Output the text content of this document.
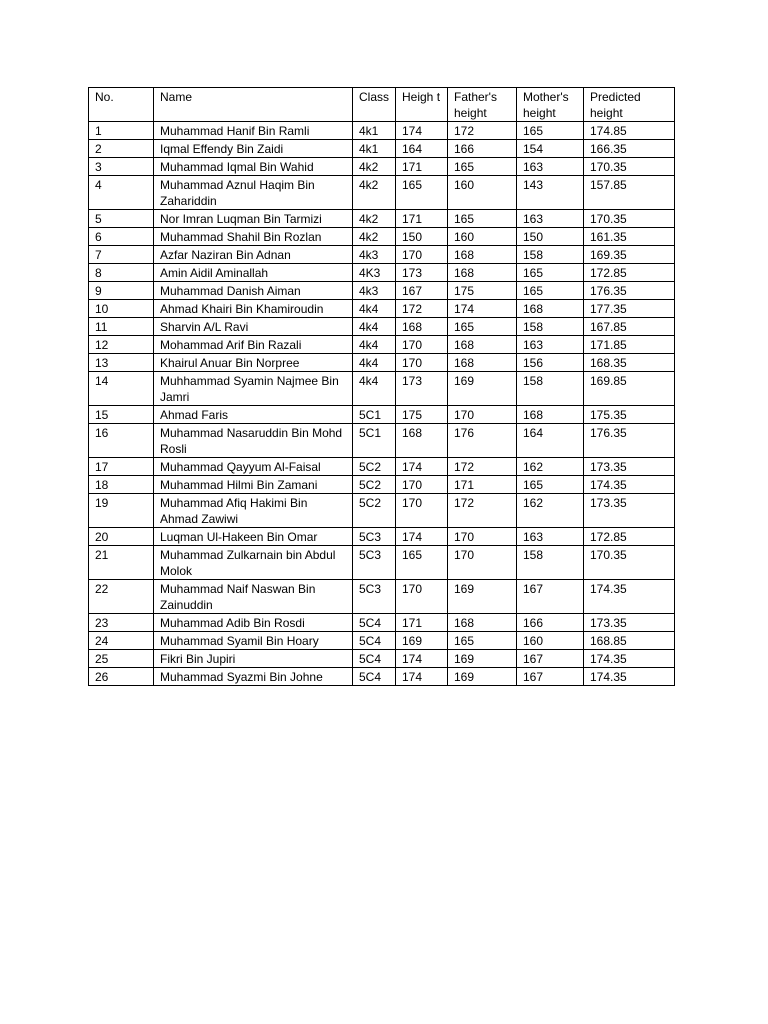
No.	Name	Class	Heigh t	Father's height	Mother's height	Predicted height
1	Muhammad Hanif Bin Ramli	4k1	174	172	165	174.85
2	Iqmal Effendy Bin Zaidi	4k1	164	166	154	166.35
3	Muhammad Iqmal Bin Wahid	4k2	171	165	163	170.35
4	Muhammad Aznul Haqim Bin Zahariddin	4k2	165	160	143	157.85
5	Nor Imran Luqman Bin Tarmizi	4k2	171	165	163	170.35
6	Muhammad Shahil Bin Rozlan	4k2	150	160	150	161.35
7	Azfar Naziran Bin Adnan	4k3	170	168	158	169.35
8	Amin Aidil Aminallah	4K3	173	168	165	172.85
9	Muhammad Danish Aiman	4k3	167	175	165	176.35
10	Ahmad Khairi Bin Khamiroudin	4k4	172	174	168	177.35
11	Sharvin A/L Ravi	4k4	168	165	158	167.85
12	Mohammad Arif Bin Razali	4k4	170	168	163	171.85
13	Khairul Anuar Bin Norpree	4k4	170	168	156	168.35
14	Muhhammad Syamin Najmee Bin Jamri	4k4	173	169	158	169.85
15	Ahmad Faris	5C1	175	170	168	175.35
16	Muhammad Nasaruddin Bin Mohd Rosli	5C1	168	176	164	176.35
17	Muhammad Qayyum Al-Faisal	5C2	174	172	162	173.35
18	Muhammad Hilmi Bin Zamani	5C2	170	171	165	174.35
19	Muhammad Afiq Hakimi Bin Ahmad Zawiwi	5C2	170	172	162	173.35
20	Luqman Ul-Hakeen Bin Omar	5C3	174	170	163	172.85
21	Muhammad Zulkarnain bin Abdul Molok	5C3	165	170	158	170.35
22	Muhammad Naif Naswan Bin Zainuddin	5C3	170	169	167	174.35
23	Muhammad Adib Bin Rosdi	5C4	171	168	166	173.35
24	Muhammad Syamil Bin Hoary	5C4	169	165	160	168.85
25	Fikri Bin Jupiri	5C4	174	169	167	174.35
26	Muhammad Syazmi Bin Johne	5C4	174	169	167	174.35
